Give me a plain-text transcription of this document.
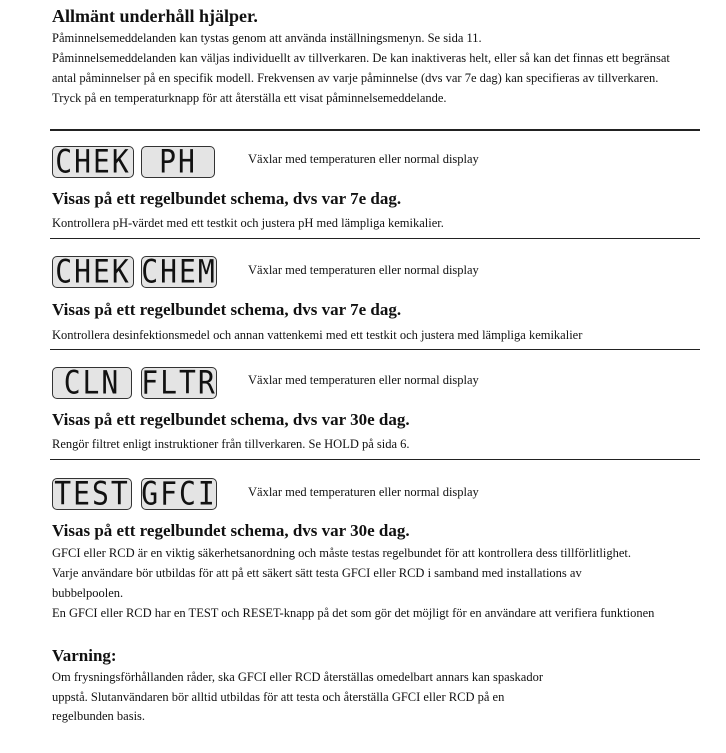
Allmänt underhåll hjälper.
Påminnelsemeddelanden kan tystas genom att använda inställningsmenyn. Se sida 11.
Påminnelsemeddelanden kan väljas individuellt av tillverkaren. De kan inaktiveras helt, eller så kan det finnas ett begränsat
antal påminnelser på en specifik modell. Frekvensen av varje påminnelse (dvs var 7e dag) kan specifieras av tillverkaren.
Tryck på en temperaturknapp för att återställa ett visat påminnelsemeddelande.
CHEK PH	Växlar med temperaturen eller normal display
Visas på ett regelbundet schema, dvs var 7e dag.
Kontrollera pH-värdet med ett testkit och justera pH med lämpliga kemikalier.
CHEK CHEM	Växlar med temperaturen eller normal display
Visas på ett regelbundet schema, dvs var 7e dag.
Kontrollera desinfektionsmedel och annan vattenkemi med ett testkit och justera med lämpliga kemikalier
CLN FLTR	Växlar med temperaturen eller normal display
Visas på ett regelbundet schema, dvs var 30e dag.
Rengör filtret enligt instruktioner från tillverkaren. Se HOLD på sida 6.
TEST GFCI	Växlar med temperaturen eller normal display
Visas på ett regelbundet schema, dvs var 30e dag.
GFCI eller RCD är en viktig säkerhetsanordning och måste testas regelbundet för att kontrollera dess tillförlitlighet.
Varje användare bör utbildas för att på ett säkert sätt testa GFCI eller RCD i samband med installations av
bubbelpoolen.
En GFCI eller RCD har en TEST och RESET-knapp på det som gör det möjligt för en användare att verifiera funktionen
Varning:
Om frysningsförhållanden råder, ska GFCI eller RCD återställas omedelbart annars kan spaskador
uppstå. Slutanvändaren bör alltid utbildas för att testa och återställa GFCI eller RCD på en
regelbunden basis.
